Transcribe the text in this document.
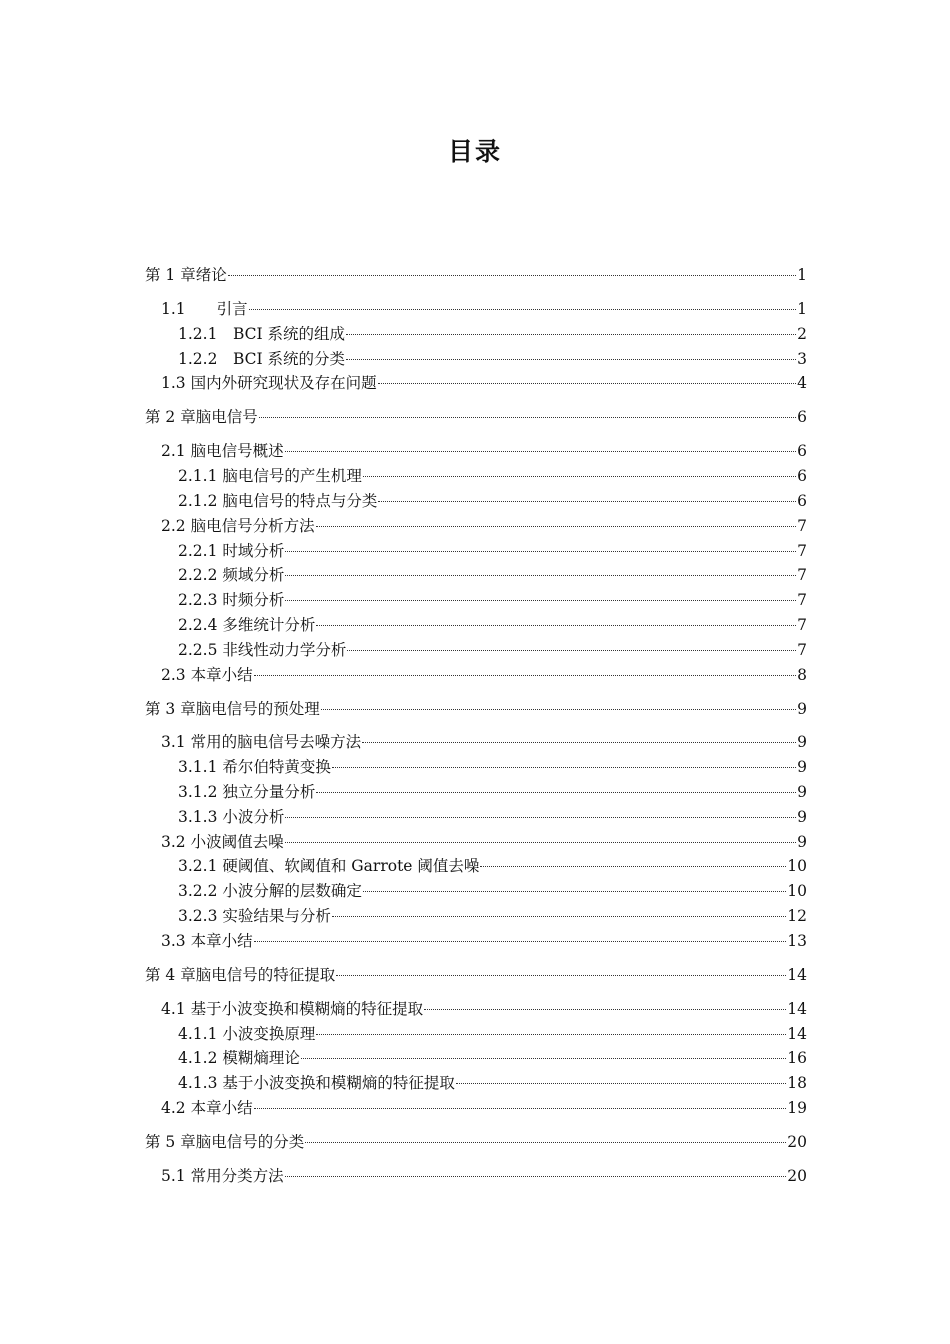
目录
第 1 章绪论	1
1.1　　引言	1
1.2.1　BCI 系统的组成	2
1.2.2　BCI 系统的分类	3
1.3 国内外研究现状及存在问题	4
第 2 章脑电信号	6
2.1 脑电信号概述	6
2.1.1 脑电信号的产生机理	6
2.1.2 脑电信号的特点与分类	6
2.2 脑电信号分析方法	7
2.2.1 时域分析	7
2.2.2 频域分析	7
2.2.3 时频分析	7
2.2.4 多维统计分析	7
2.2.5 非线性动力学分析	7
2.3 本章小结	8
第 3 章脑电信号的预处理	9
3.1 常用的脑电信号去噪方法	9
3.1.1 希尔伯特黄变换	9
3.1.2 独立分量分析	9
3.1.3 小波分析	9
3.2 小波阈值去噪	9
3.2.1 硬阈值、软阈值和 Garrote 阈值去噪	10
3.2.2 小波分解的层数确定	10
3.2.3 实验结果与分析	12
3.3 本章小结	13
第 4 章脑电信号的特征提取	14
4.1 基于小波变换和模糊熵的特征提取	14
4.1.1 小波变换原理	14
4.1.2 模糊熵理论	16
4.1.3 基于小波变换和模糊熵的特征提取	18
4.2 本章小结	19
第 5 章脑电信号的分类	20
5.1 常用分类方法	20
